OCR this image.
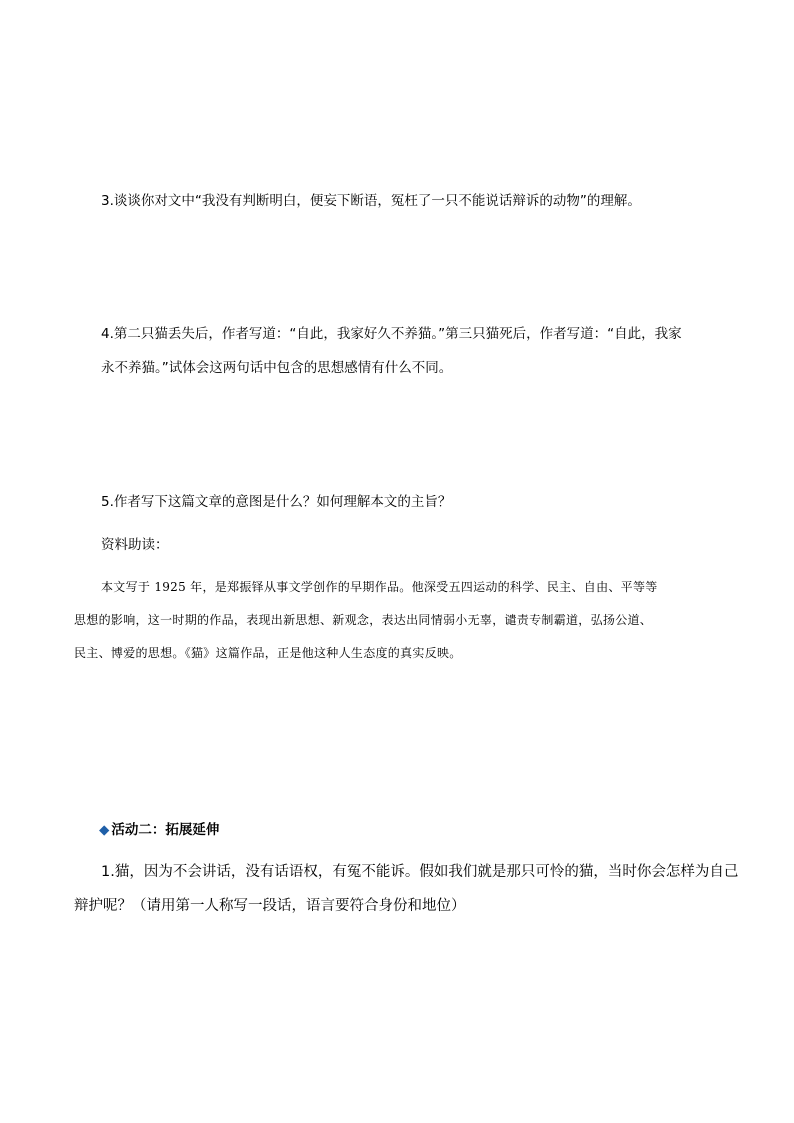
3.谈谈你对文中“我没有判断明白，便妄下断语，冤枉了一只不能说话辩诉的动物”的理解。
4.第二只猫丢失后，作者写道：“自此，我家好久不养猫。”第三只猫死后，作者写道：“自此，我家
永不养猫。”试体会这两句话中包含的思想感情有什么不同。
5.作者写下这篇文章的意图是什么？如何理解本文的主旨？
资料助读：
本文写于 1925 年，是郑振铎从事文学创作的早期作品。他深受五四运动的科学、民主、自由、平等等
思想的影响，这一时期的作品，表现出新思想、新观念，表达出同情弱小无辜，谴责专制霸道，弘扬公道、
民主、博爱的思想。《猫》这篇作品，正是他这种人生态度的真实反映。
◆ 活动二：拓展延伸
1.猫，因为不会讲话，没有话语权，有冤不能诉。假如我们就是那只可怜的猫，当时你会怎样为自己
辩护呢？（请用第一人称写一段话，语言要符合身份和地位）
